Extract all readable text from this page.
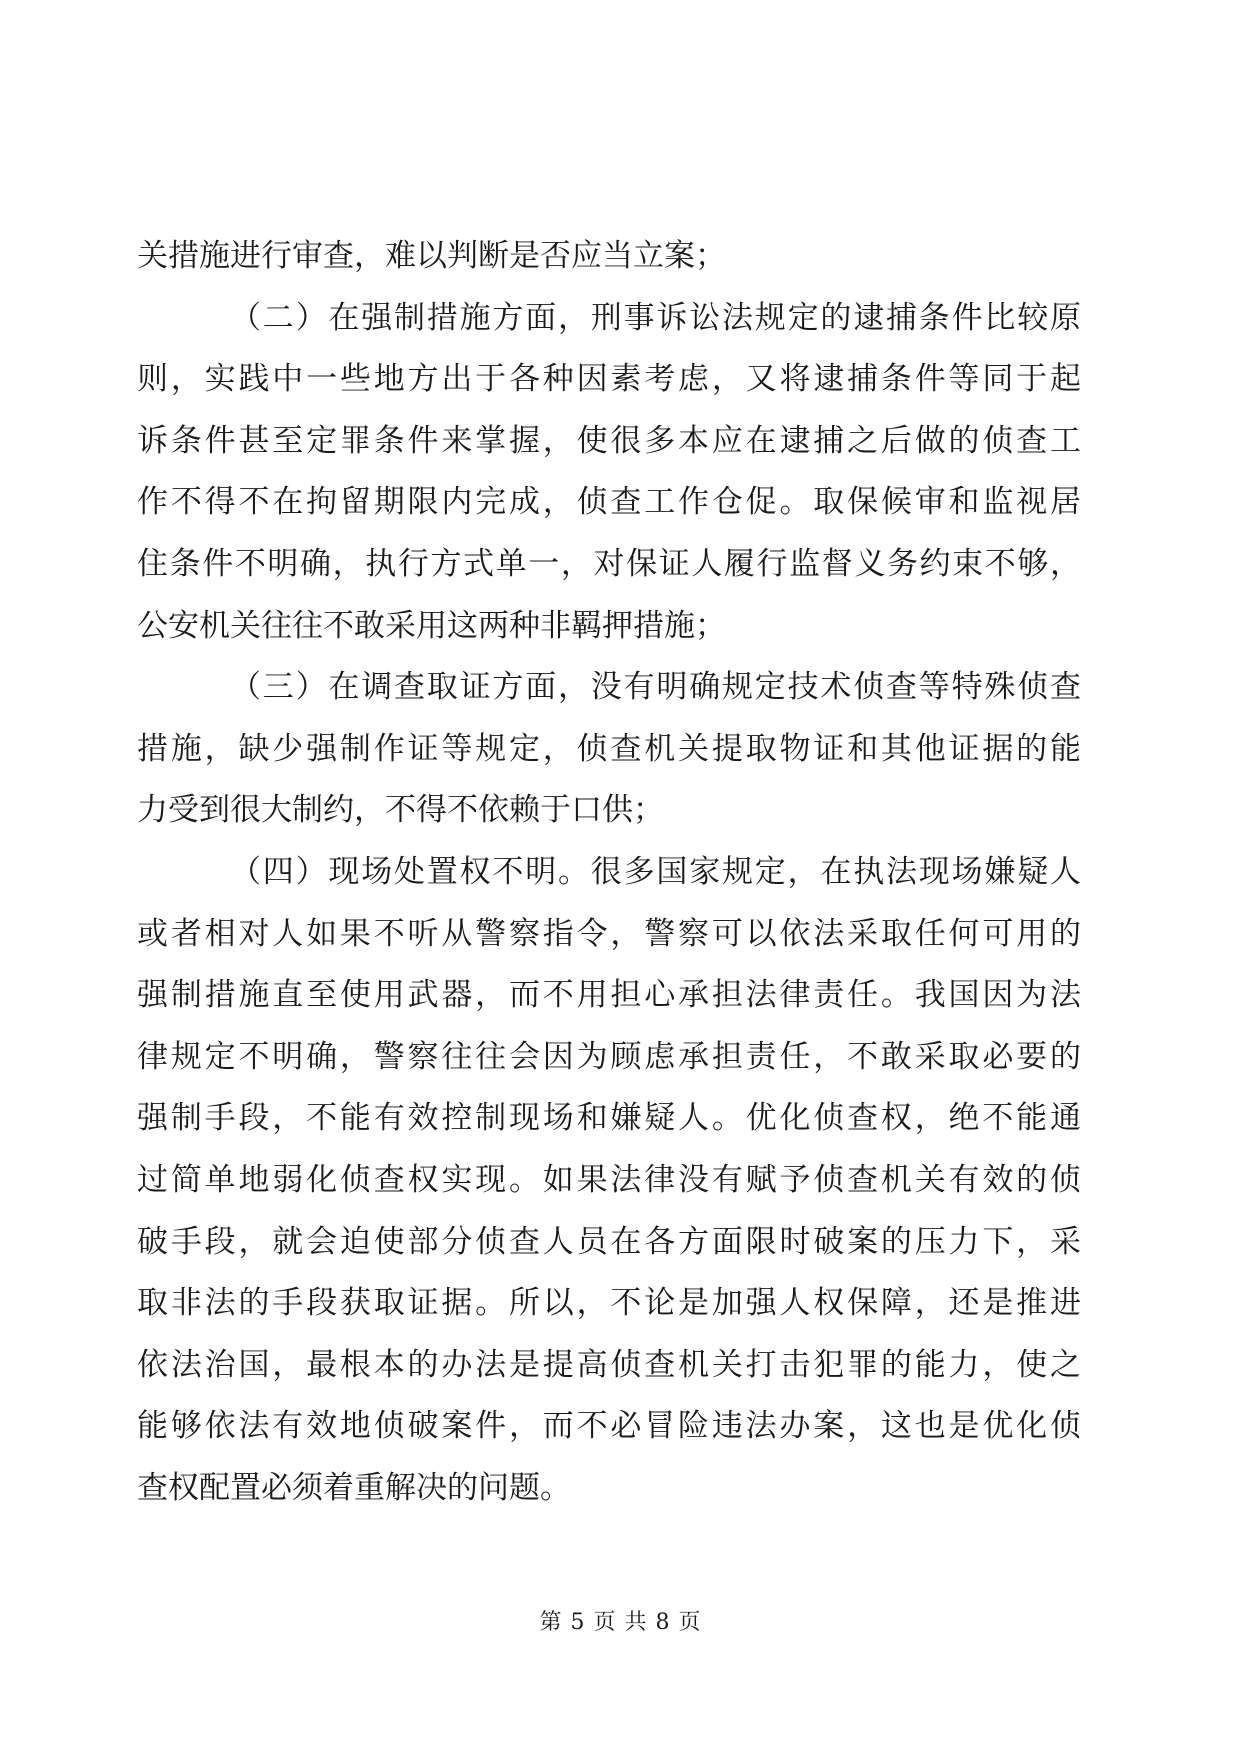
关措施进行审查，难以判断是否应当立案；
（二）在强制措施方面，刑事诉讼法规定的逮捕条件比较原
则，实践中一些地方出于各种因素考虑，又将逮捕条件等同于起
诉条件甚至定罪条件来掌握，使很多本应在逮捕之后做的侦查工
作不得不在拘留期限内完成，侦查工作仓促。取保候审和监视居
住条件不明确，执行方式单一，对保证人履行监督义务约束不够，
公安机关往往不敢采用这两种非羁押措施；
（三）在调查取证方面，没有明确规定技术侦查等特殊侦查
措施，缺少强制作证等规定，侦查机关提取物证和其他证据的能
力受到很大制约，不得不依赖于口供；
（四）现场处置权不明。很多国家规定，在执法现场嫌疑人
或者相对人如果不听从警察指令，警察可以依法采取任何可用的
强制措施直至使用武器，而不用担心承担法律责任。我国因为法
律规定不明确，警察往往会因为顾虑承担责任，不敢采取必要的
强制手段，不能有效控制现场和嫌疑人。优化侦查权，绝不能通
过简单地弱化侦查权实现。如果法律没有赋予侦查机关有效的侦
破手段，就会迫使部分侦查人员在各方面限时破案的压力下，采
取非法的手段获取证据。所以，不论是加强人权保障，还是推进
依法治国，最根本的办法是提高侦查机关打击犯罪的能力，使之
能够依法有效地侦破案件，而不必冒险违法办案，这也是优化侦
查权配置必须着重解决的问题。
第 5 页 共 8 页
